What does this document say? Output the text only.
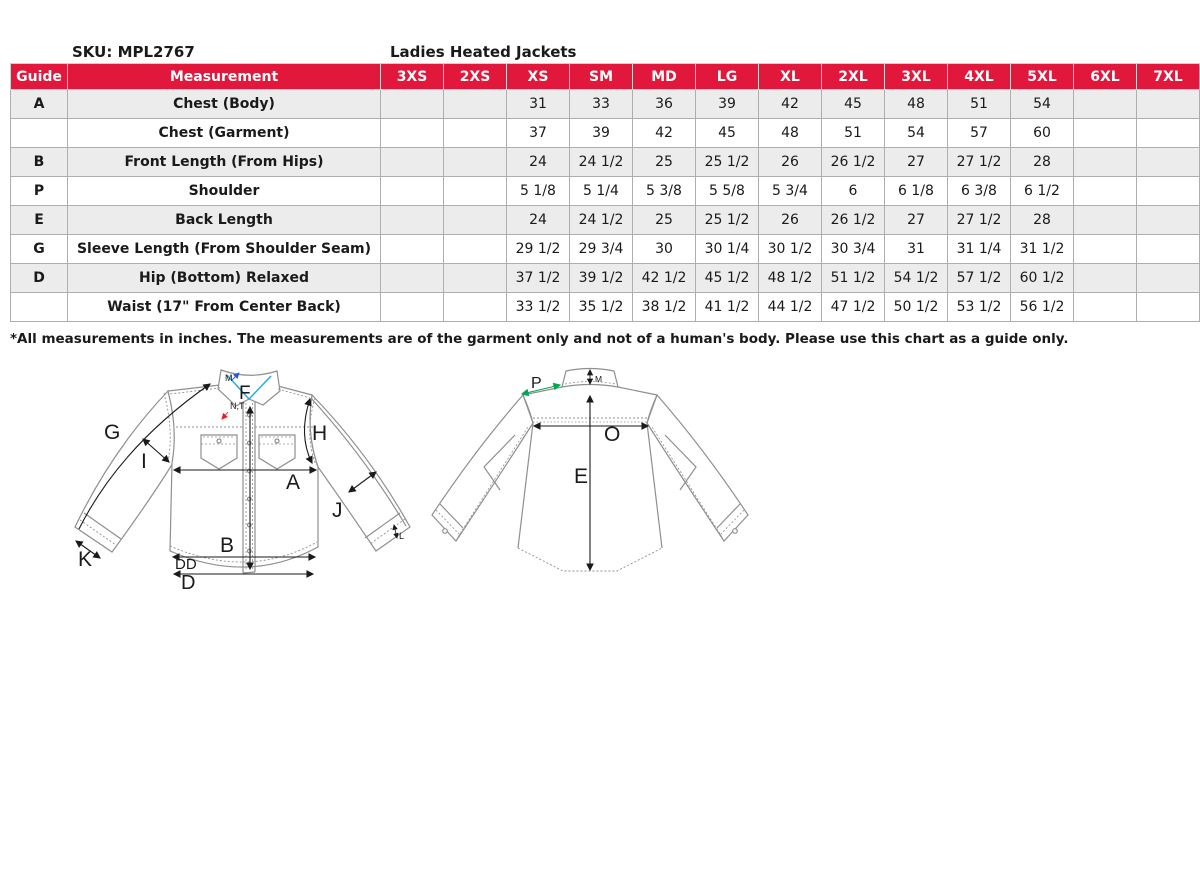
SKU: MPL2767	Ladies Heated Jackets
Guide	Measurement	3XS	2XS	XS	SM	MD	LG	XL	2XL	3XL	4XL	5XL	6XL	7XL
A	Chest (Body)			31	33	36	39	42	45	48	51	54		
	Chest (Garment)			37	39	42	45	48	51	54	57	60		
B	Front Length (From Hips)			24	24 1/2	25	25 1/2	26	26 1/2	27	27 1/2	28		
P	Shoulder			5 1/8	5 1/4	5 3/8	5 5/8	5 3/4	6	6 1/8	6 3/8	6 1/2		
E	Back Length			24	24 1/2	25	25 1/2	26	26 1/2	27	27 1/2	28		
G	Sleeve Length (From Shoulder Seam)			29 1/2	29 3/4	30	30 1/4	30 1/2	30 3/4	31	31 1/4	31 1/2		
D	Hip (Bottom) Relaxed			37 1/2	39 1/2	42 1/2	45 1/2	48 1/2	51 1/2	54 1/2	57 1/2	60 1/2		
	Waist (17" From Center Back)			33 1/2	35 1/2	38 1/2	41 1/2	44 1/2	47 1/2	50 1/2	53 1/2	56 1/2		
*All measurements in inches. The measurements are of the garment only and not of a human's body. Please use this chart as a guide only.
G
I
K
H
A
J
B
DD
D
F
M
N,T
L
P	M
O
E
